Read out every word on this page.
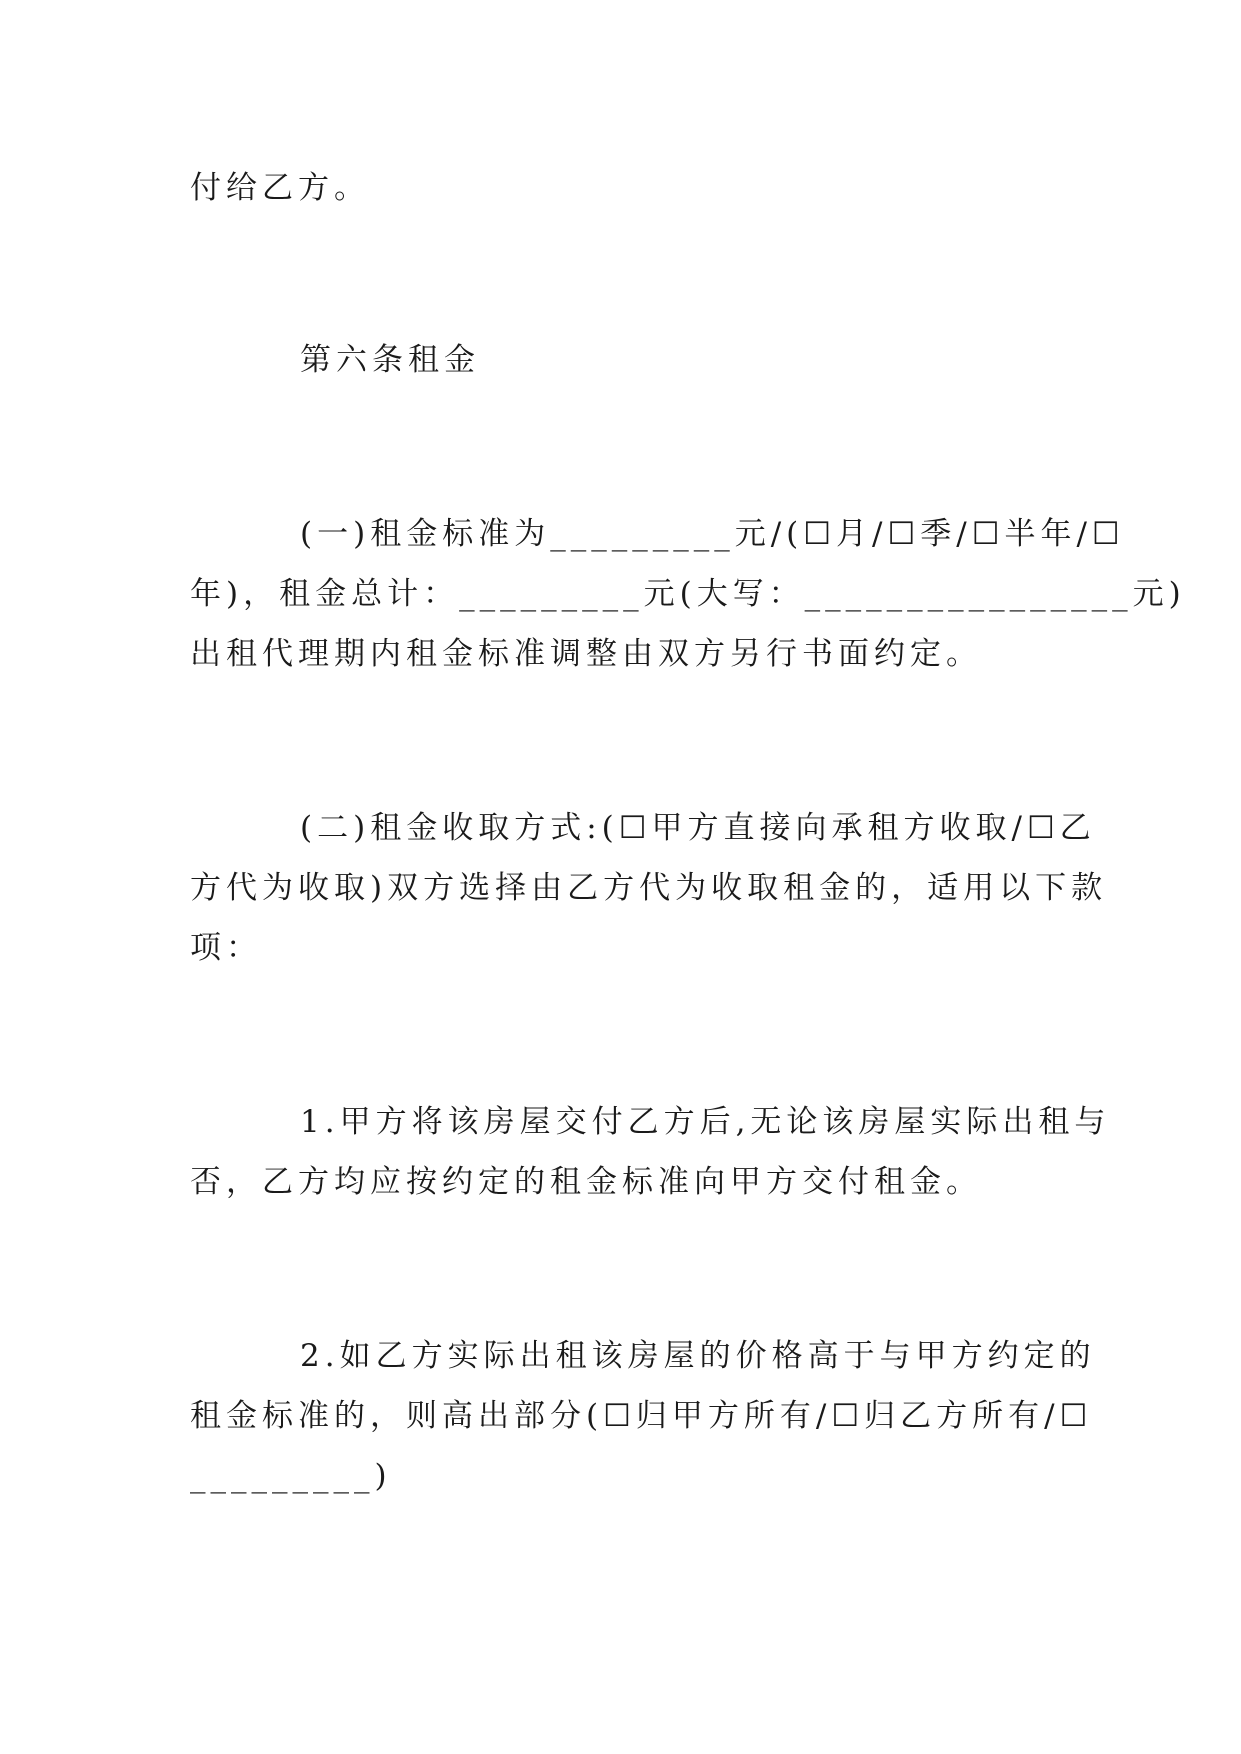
付给乙方。
第六条租金
(一)租金标准为_________元/(☐月/☐季/☐半年/☐
年)，租金总计：_________元(大写：________________元)
出租代理期内租金标准调整由双方另行书面约定。
(二)租金收取方式:(☐甲方直接向承租方收取/☐乙
方代为收取)双方选择由乙方代为收取租金的，适用以下款
项：
1.甲方将该房屋交付乙方后,无论该房屋实际出租与
否，乙方均应按约定的租金标准向甲方交付租金。
2.如乙方实际出租该房屋的价格高于与甲方约定的
租金标准的，则高出部分(☐归甲方所有/☐归乙方所有/☐
_________)
